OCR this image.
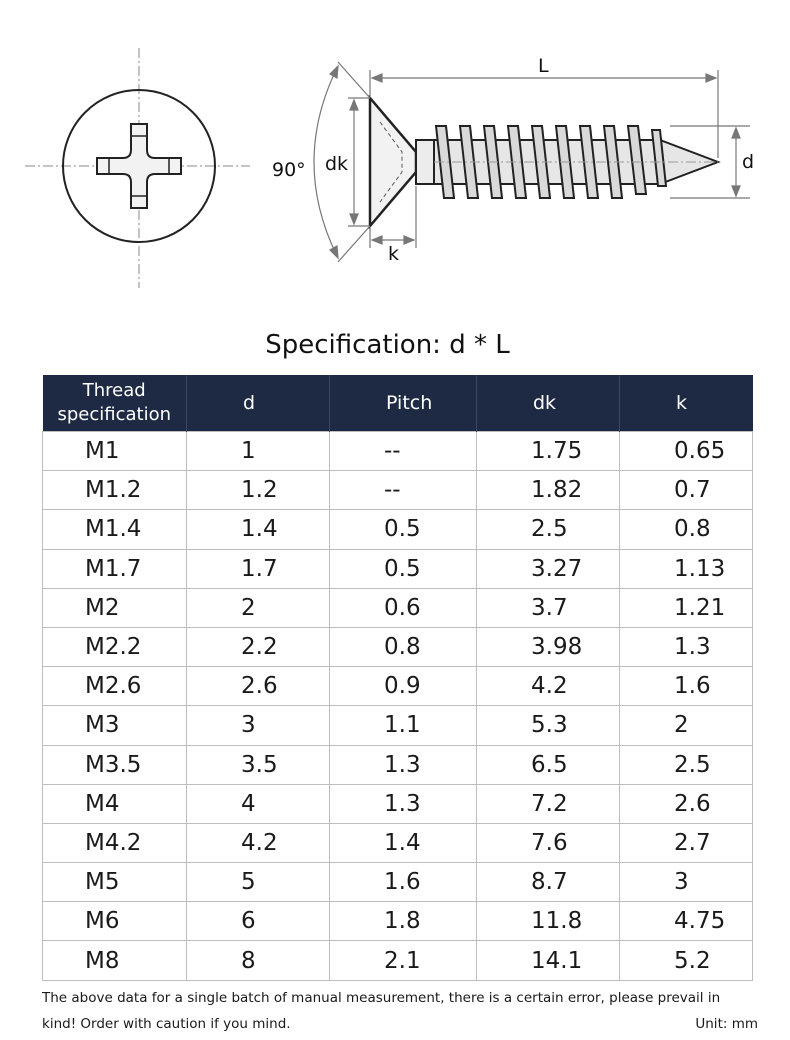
L
90° dk
k
d
Specification: d * L
Thread specification	d	Pitch	dk	k
M1	1	--	1.75	0.65
M1.2	1.2	--	1.82	0.7
M1.4	1.4	0.5	2.5	0.8
M1.7	1.7	0.5	3.27	1.13
M2	2	0.6	3.7	1.21
M2.2	2.2	0.8	3.98	1.3
M2.6	2.6	0.9	4.2	1.6
M3	3	1.1	5.3	2
M3.5	3.5	1.3	6.5	2.5
M4	4	1.3	7.2	2.6
M4.2	4.2	1.4	7.6	2.7
M5	5	1.6	8.7	3
M6	6	1.8	11.8	4.75
M8	8	2.1	14.1	5.2
The above data for a single batch of manual measurement, there is a certain error, please prevail in kind! Order with caution if you mind.	Unit: mm
